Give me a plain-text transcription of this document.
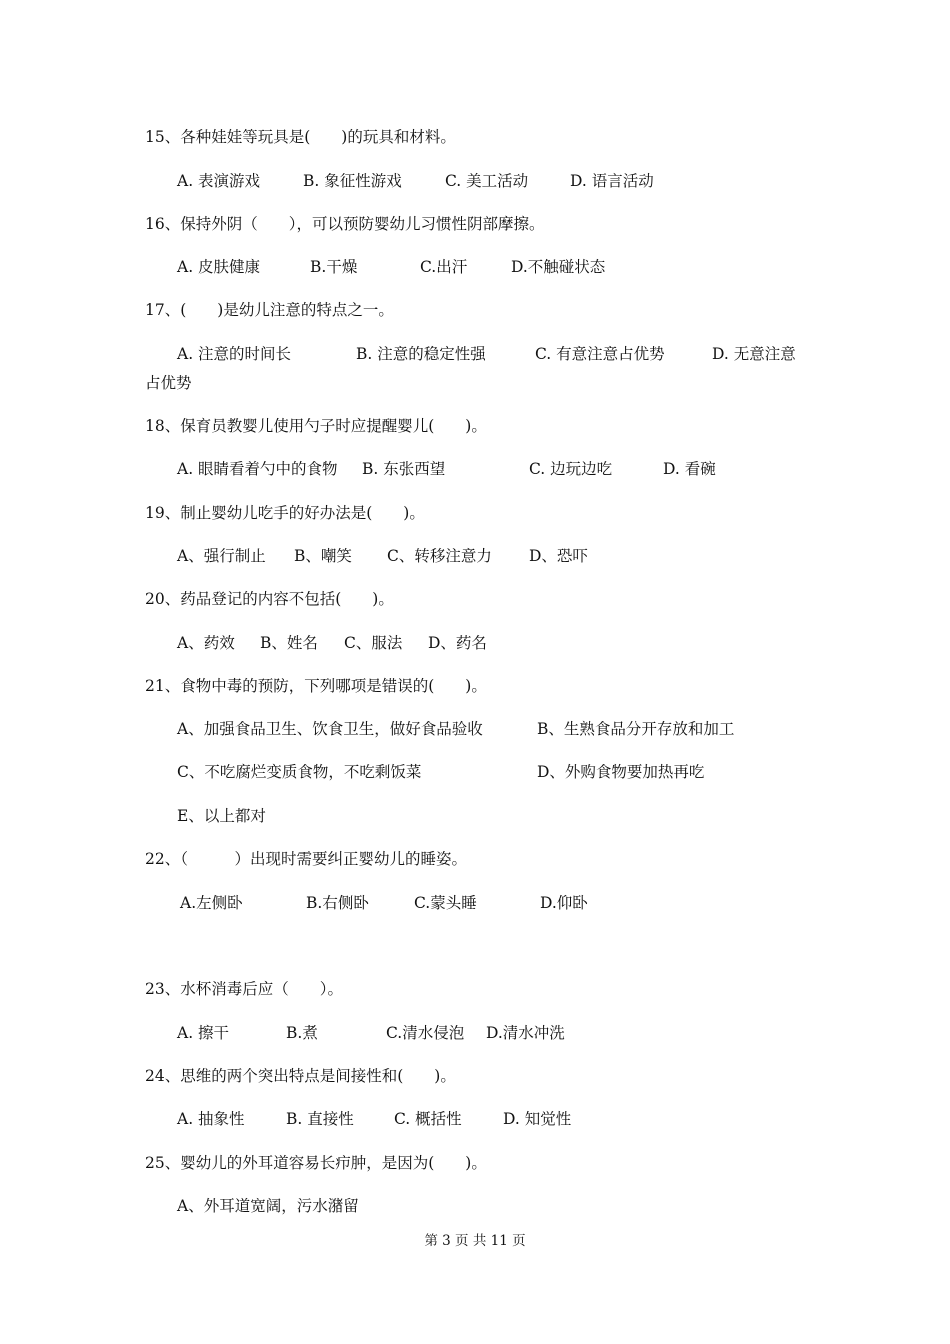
15、各种娃娃等玩具是(　　)的玩具和材料。
A. 表演游戏	B. 象征性游戏	C. 美工活动	D. 语言活动
16、保持外阴（　　），可以预防婴幼儿习惯性阴部摩擦。
A. 皮肤健康	B.干燥	C.出汗	D.不触碰状态
17、(　　)是幼儿注意的特点之一。
A. 注意的时间长	B. 注意的稳定性强	C. 有意注意占优势	D. 无意注意
占优势
18、保育员教婴儿使用勺子时应提醒婴儿(　　)。
A. 眼睛看着勺中的食物 B. 东张西望	C. 边玩边吃	D. 看碗
19、制止婴幼儿吃手的好办法是(　　)。
A、强行制止 B、嘲笑 C、转移注意力 D、恐吓
20、药品登记的内容不包括(　　)。
A、药效 B、姓名 C、服法 D、药名
21、食物中毒的预防，下列哪项是错误的(　　)。
A、加强食品卫生、饮食卫生，做好食品验收	B、生熟食品分开存放和加工
C、不吃腐烂变质食物，不吃剩饭菜	D、外购食物要加热再吃
E、以上都对
22、（　　　）出现时需要纠正婴幼儿的睡姿。
A.左侧卧	B.右侧卧	C.蒙头睡	D.仰卧
23、水杯消毒后应（　　）。
A. 擦干	B.煮	C.清水侵泡 D.清水冲洗
24、思维的两个突出特点是间接性和(　　)。
A. 抽象性	B. 直接性	C. 概括性	D. 知觉性
25、婴幼儿的外耳道容易长疖肿，是因为(　　)。
A、外耳道宽阔，污水潴留
第 3 页 共 11 页
